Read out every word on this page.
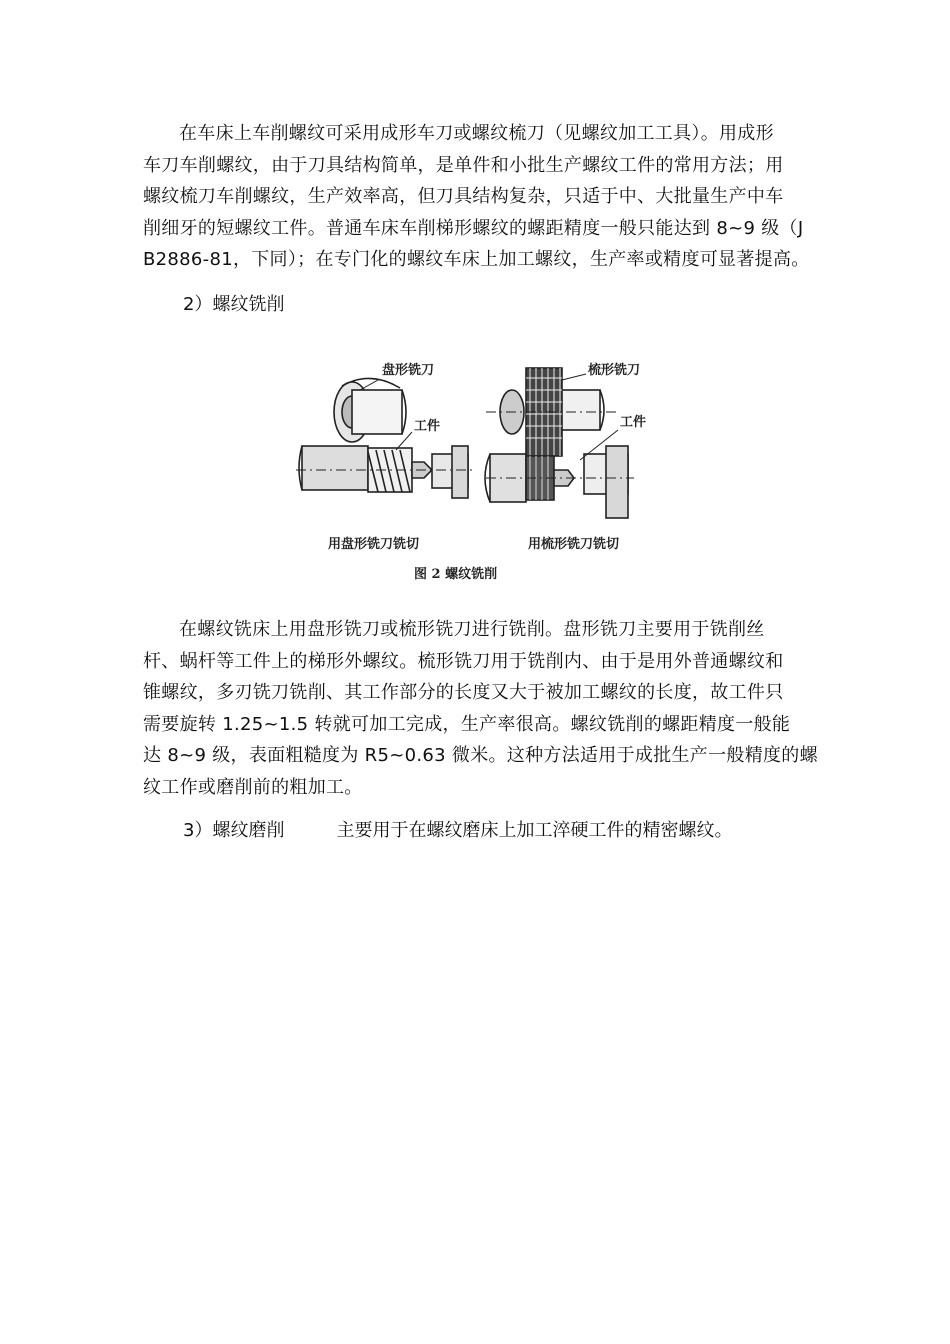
在车床上车削螺纹可采用成形车刀或螺纹梳刀（见螺纹加工工具）。用成形
车刀车削螺纹，由于刀具结构简单，是单件和小批生产螺纹工件的常用方法；用
螺纹梳刀车削螺纹，生产效率高，但刀具结构复杂，只适于中、大批量生产中车
削细牙的短螺纹工件。普通车床车削梯形螺纹的螺距精度一般只能达到 8~9 级（J
B2886-81，下同）；在专门化的螺纹车床上加工螺纹，生产率或精度可显著提高。

2）螺纹铣削

盘形铣刀
工件
用盘形铣刀铣切
梳形铣刀
工件
用梳形铣刀铣切
图 2 螺纹铣削
在螺纹铣床上用盘形铣刀或梳形铣刀进行铣削。盘形铣刀主要用于铣削丝
杆、蜗杆等工件上的梯形外螺纹。梳形铣刀用于铣削内、由于是用外普通螺纹和
锥螺纹，多刃铣刀铣削、其工作部分的长度又大于被加工螺纹的长度，故工件只
需要旋转 1.25~1.5 转就可加工完成，生产率很高。螺纹铣削的螺距精度一般能
达 8~9 级，表面粗糙度为 R5~0.63 微米。这种方法适用于成批生产一般精度的螺
纹工作或磨削前的粗加工。

3）螺纹磨削	主要用于在螺纹磨床上加工淬硬工件的精密螺纹。
